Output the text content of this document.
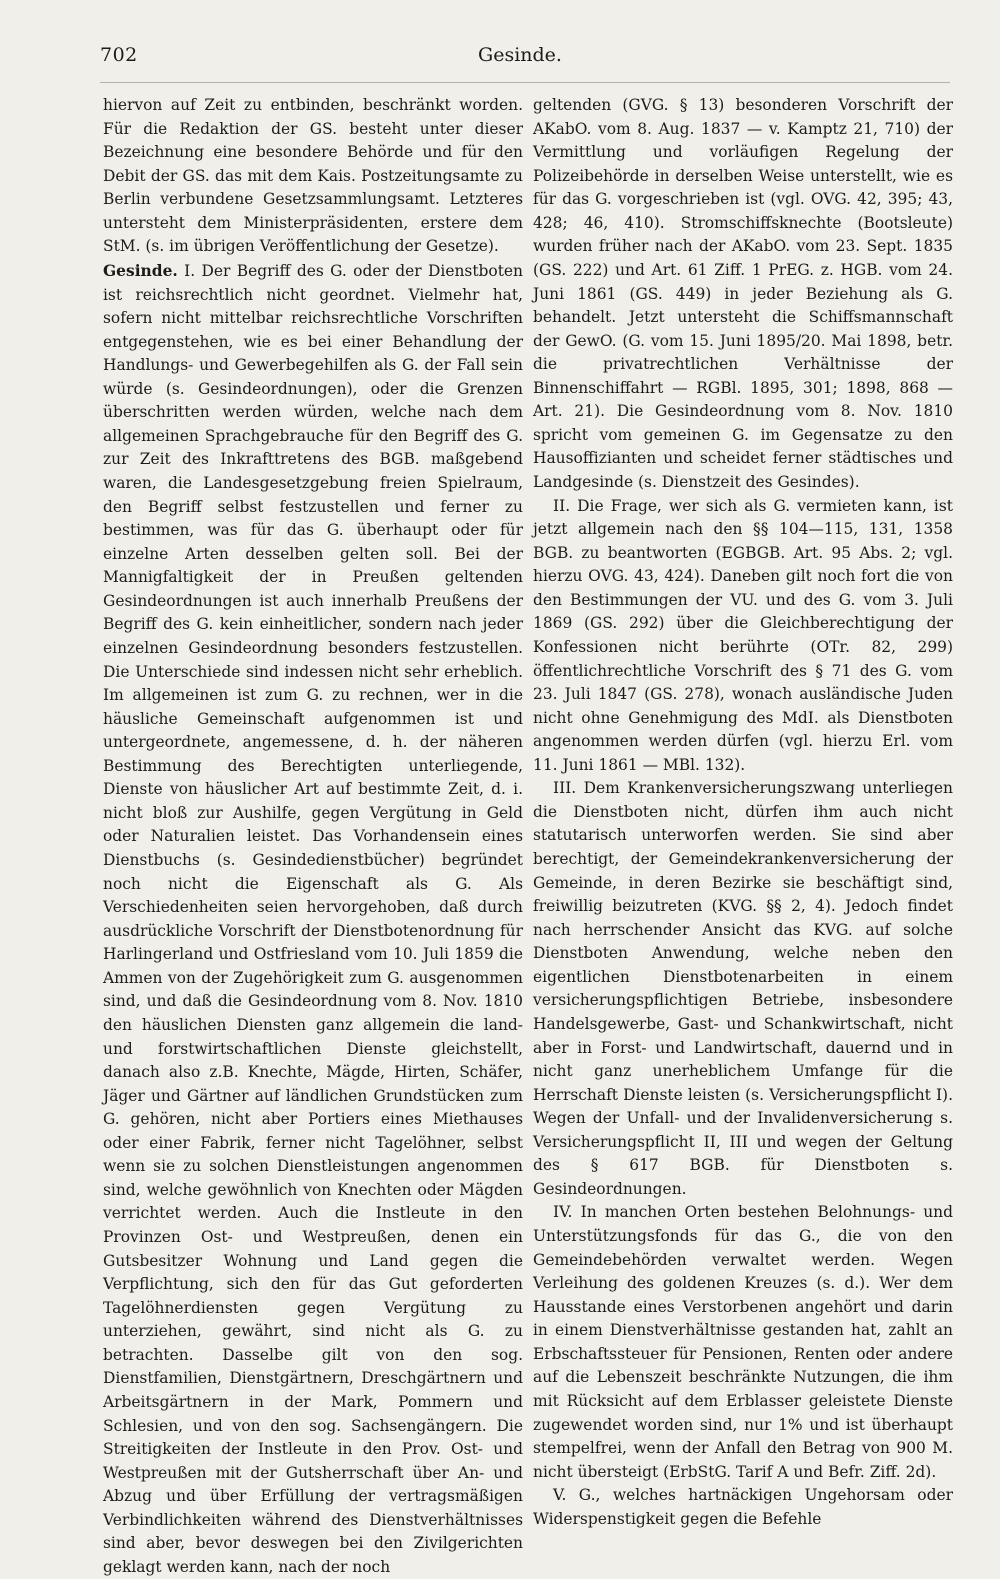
702	Gesinde.

hiervon auf Zeit zu entbinden, beschränkt worden. Für die Redaktion der GS. besteht unter dieser Bezeichnung eine besondere Behörde und für den Debit der GS. das mit dem Kais. Postzeitungsamte zu Berlin verbundene Gesetzsammlungsamt. Letzteres untersteht dem Ministerpräsidenten, erstere dem StM. (s. im übrigen Veröffentlichung der Gesetze).

Gesinde. I. Der Begriff des G. oder der Dienstboten ist reichsrechtlich nicht geordnet. Vielmehr hat, sofern nicht mittelbar reichsrechtliche Vorschriften entgegenstehen, wie es bei einer Behandlung der Handlungs- und Gewerbegehilfen als G. der Fall sein würde (s. Gesindeordnungen), oder die Grenzen überschritten werden würden, welche nach dem allgemeinen Sprachgebrauche für den Begriff des G. zur Zeit des Inkrafttretens des BGB. maßgebend waren, die Landesgesetzgebung freien Spielraum, den Begriff selbst festzustellen und ferner zu bestimmen, was für das G. überhaupt oder für einzelne Arten desselben gelten soll. Bei der Mannigfaltigkeit der in Preußen geltenden Gesindeordnungen ist auch innerhalb Preußens der Begriff des G. kein einheitlicher, sondern nach jeder einzelnen Gesindeordnung besonders festzustellen. Die Unterschiede sind indessen nicht sehr erheblich. Im allgemeinen ist zum G. zu rechnen, wer in die häusliche Gemeinschaft aufgenommen ist und untergeordnete, angemessene, d. h. der näheren Bestimmung des Berechtigten unterliegende, Dienste von häuslicher Art auf bestimmte Zeit, d. i. nicht bloß zur Aushilfe, gegen Vergütung in Geld oder Naturalien leistet. Das Vorhandensein eines Dienstbuchs (s. Gesindedienstbücher) begründet noch nicht die Eigenschaft als G. Als Verschiedenheiten seien hervorgehoben, daß durch ausdrückliche Vorschrift der Dienstbotenordnung für Harlingerland und Ostfriesland vom 10. Juli 1859 die Ammen von der Zugehörigkeit zum G. ausgenommen sind, und daß die Gesindeordnung vom 8. Nov. 1810 den häuslichen Diensten ganz allgemein die land- und forstwirtschaftlichen Dienste gleichstellt, danach also z.B. Knechte, Mägde, Hirten, Schäfer, Jäger und Gärtner auf ländlichen Grundstücken zum G. gehören, nicht aber Portiers eines Miethauses oder einer Fabrik, ferner nicht Tagelöhner, selbst wenn sie zu solchen Dienstleistungen angenommen sind, welche gewöhnlich von Knechten oder Mägden verrichtet werden. Auch die Instleute in den Provinzen Ost- und Westpreußen, denen ein Gutsbesitzer Wohnung und Land gegen die Verpflichtung, sich den für das Gut geforderten Tagelöhnerdiensten gegen Vergütung zu unterziehen, gewährt, sind nicht als G. zu betrachten. Dasselbe gilt von den sog. Dienstfamilien, Dienstgärtnern, Dreschgärtnern und Arbeitsgärtnern in der Mark, Pommern und Schlesien, und von den sog. Sachsengängern. Die Streitigkeiten der Instleute in den Prov. Ost- und Westpreußen mit der Gutsherrschaft über An- und Abzug und über Erfüllung der vertragsmäßigen Verbindlichkeiten während des Dienstverhältnisses sind aber, bevor deswegen bei den Zivilgerichten geklagt werden kann, nach der noch

geltenden (GVG. § 13) besonderen Vorschrift der AKabO. vom 8. Aug. 1837 — v. Kamptz 21, 710) der Vermittlung und vorläufigen Regelung der Polizeibehörde in derselben Weise unterstellt, wie es für das G. vorgeschrieben ist (vgl. OVG. 42, 395; 43, 428; 46, 410). Stromschiffsknechte (Bootsleute) wurden früher nach der AKabO. vom 23. Sept. 1835 (GS. 222) und Art. 61 Ziff. 1 PrEG. z. HGB. vom 24. Juni 1861 (GS. 449) in jeder Beziehung als G. behandelt. Jetzt untersteht die Schiffsmannschaft der GewO. (G. vom 15. Juni 1895/20. Mai 1898, betr. die privatrechtlichen Verhältnisse der Binnenschiffahrt — RGBl. 1895, 301; 1898, 868 — Art. 21). Die Gesindeordnung vom 8. Nov. 1810 spricht vom gemeinen G. im Gegensatze zu den Hausoffizianten und scheidet ferner städtisches und Landgesinde (s. Dienstzeit des Gesindes).

II. Die Frage, wer sich als G. vermieten kann, ist jetzt allgemein nach den §§ 104—115, 131, 1358 BGB. zu beantworten (EGBGB. Art. 95 Abs. 2; vgl. hierzu OVG. 43, 424). Daneben gilt noch fort die von den Bestimmungen der VU. und des G. vom 3. Juli 1869 (GS. 292) über die Gleichberechtigung der Konfessionen nicht berührte (OTr. 82, 299) öffentlichrechtliche Vorschrift des § 71 des G. vom 23. Juli 1847 (GS. 278), wonach ausländische Juden nicht ohne Genehmigung des MdI. als Dienstboten angenommen werden dürfen (vgl. hierzu Erl. vom 11. Juni 1861 — MBl. 132).

III. Dem Krankenversicherungszwang unterliegen die Dienstboten nicht, dürfen ihm auch nicht statutarisch unterworfen werden. Sie sind aber berechtigt, der Gemeindekrankenversicherung der Gemeinde, in deren Bezirke sie beschäftigt sind, freiwillig beizutreten (KVG. §§ 2, 4). Jedoch findet nach herrschender Ansicht das KVG. auf solche Dienstboten Anwendung, welche neben den eigentlichen Dienstbotenarbeiten in einem versicherungspflichtigen Betriebe, insbesondere Handelsgewerbe, Gast- und Schankwirtschaft, nicht aber in Forst- und Landwirtschaft, dauernd und in nicht ganz unerheblichem Umfange für die Herrschaft Dienste leisten (s. Versicherungspflicht I). Wegen der Unfall- und der Invalidenversicherung s. Versicherungspflicht II, III und wegen der Geltung des § 617 BGB. für Dienstboten s. Gesindeordnungen.

IV. In manchen Orten bestehen Belohnungs- und Unterstützungsfonds für das G., die von den Gemeindebehörden verwaltet werden. Wegen Verleihung des goldenen Kreuzes (s. d.). Wer dem Hausstande eines Verstorbenen angehört und darin in einem Dienstverhältnisse gestanden hat, zahlt an Erbschaftssteuer für Pensionen, Renten oder andere auf die Lebenszeit beschränkte Nutzungen, die ihm mit Rücksicht auf dem Erblasser geleistete Dienste zugewendet worden sind, nur 1% und ist überhaupt stempelfrei, wenn der Anfall den Betrag von 900 M. nicht übersteigt (ErbStG. Tarif A und Befr. Ziff. 2d).

V. G., welches hartnäckigen Ungehorsam oder Widerspenstigkeit gegen die Befehle
